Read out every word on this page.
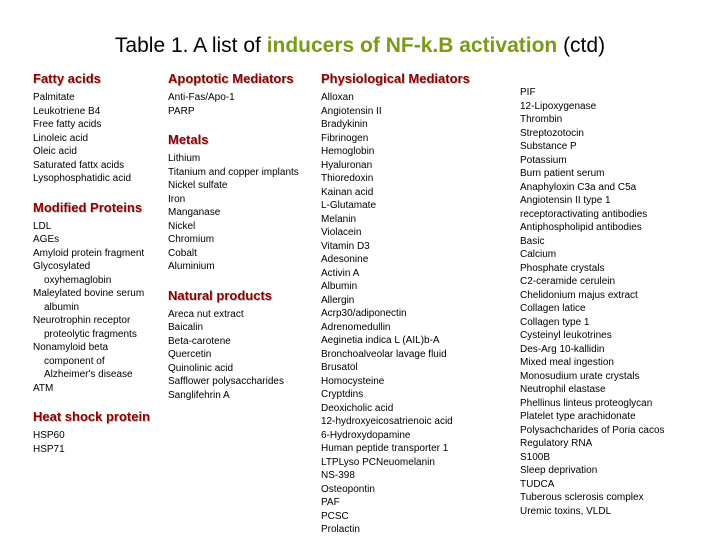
Table 1. A list of inducers of NF-k.B activation (ctd)
Fatty acids
Palmitate
Leukotriene B4
Free fatty acids
Linoleic acid
Oleic acid
Saturated fattx acids
Lysophosphatidic acid
Modified Proteins
LDL
AGEs
Amyloid protein fragment
Glycosylated
oxyhemaglobin
Maleylated bovine serum
albumin
Neurotrophin receptor
proteolytic fragments
Nonamyloid beta
component of
Alzheimer's disease
ATM
Heat shock protein
HSP60
HSP71
Apoptotic Mediators
Anti-Fas/Apo-1
PARP
Metals
Lithium
Titanium and copper implants
Nickel sulfate
Iron
Manganase
Nickel
Chromium
Cobalt
Aluminium
Natural products
Areca nut extract
Baicalin
Beta-carotene
Quercetin
Quinolinic acid
Safflower polysaccharides
Sanglifehrin A
Physiological Mediators
Alloxan
Angiotensin II
Bradykinin
Fibrinogen
Hemoglobin
Hyaluronan
Thioredoxin
Kainan acid
L-Glutamate
Melanin
Violacein
Vitamin D3
Adesonine
Activin A
Albumin
Allergin
Acrp30/adiponectin
Adrenomedullin
Aeginetia indica L (AIL)b-A
Bronchoalveolar lavage fluid
Brusatol
Homocysteine
Cryptdins
Deoxicholic acid
12-hydroxyeicosatrienoic acid
6-Hydroxydopamine
Human peptide transporter 1
LTPLyso PCNeuomelanin
NS-398
Osteopontin
PAF
PCSC
Prolactin
PIF
12-Lipoxygenase
Thrombin
Streptozotocin
Substance P
Potassium
Burn patient serum
Anaphyloxin C3a and C5a
Angiotensin II type 1
receptoractivating antibodies
Antiphospholipid antibodies
Basic
Calcium
Phosphate crystals
C2-ceramide cerulein
Chelidonium majus extract
Collagen latice
Collagen type 1
Cysteinyl leukotrines
Des-Arg 10-kallidin
Mixed meal ingestion
Monosudium urate crystals
Neutrophil elastase
Phellinus linteus proteoglycan
Platelet type arachidonate
Polysachcharides of Poria cacos
Regulatory RNA
S100B
Sleep deprivation
TUDCA
Tuberous sclerosis complex
Uremic toxins, VLDL
